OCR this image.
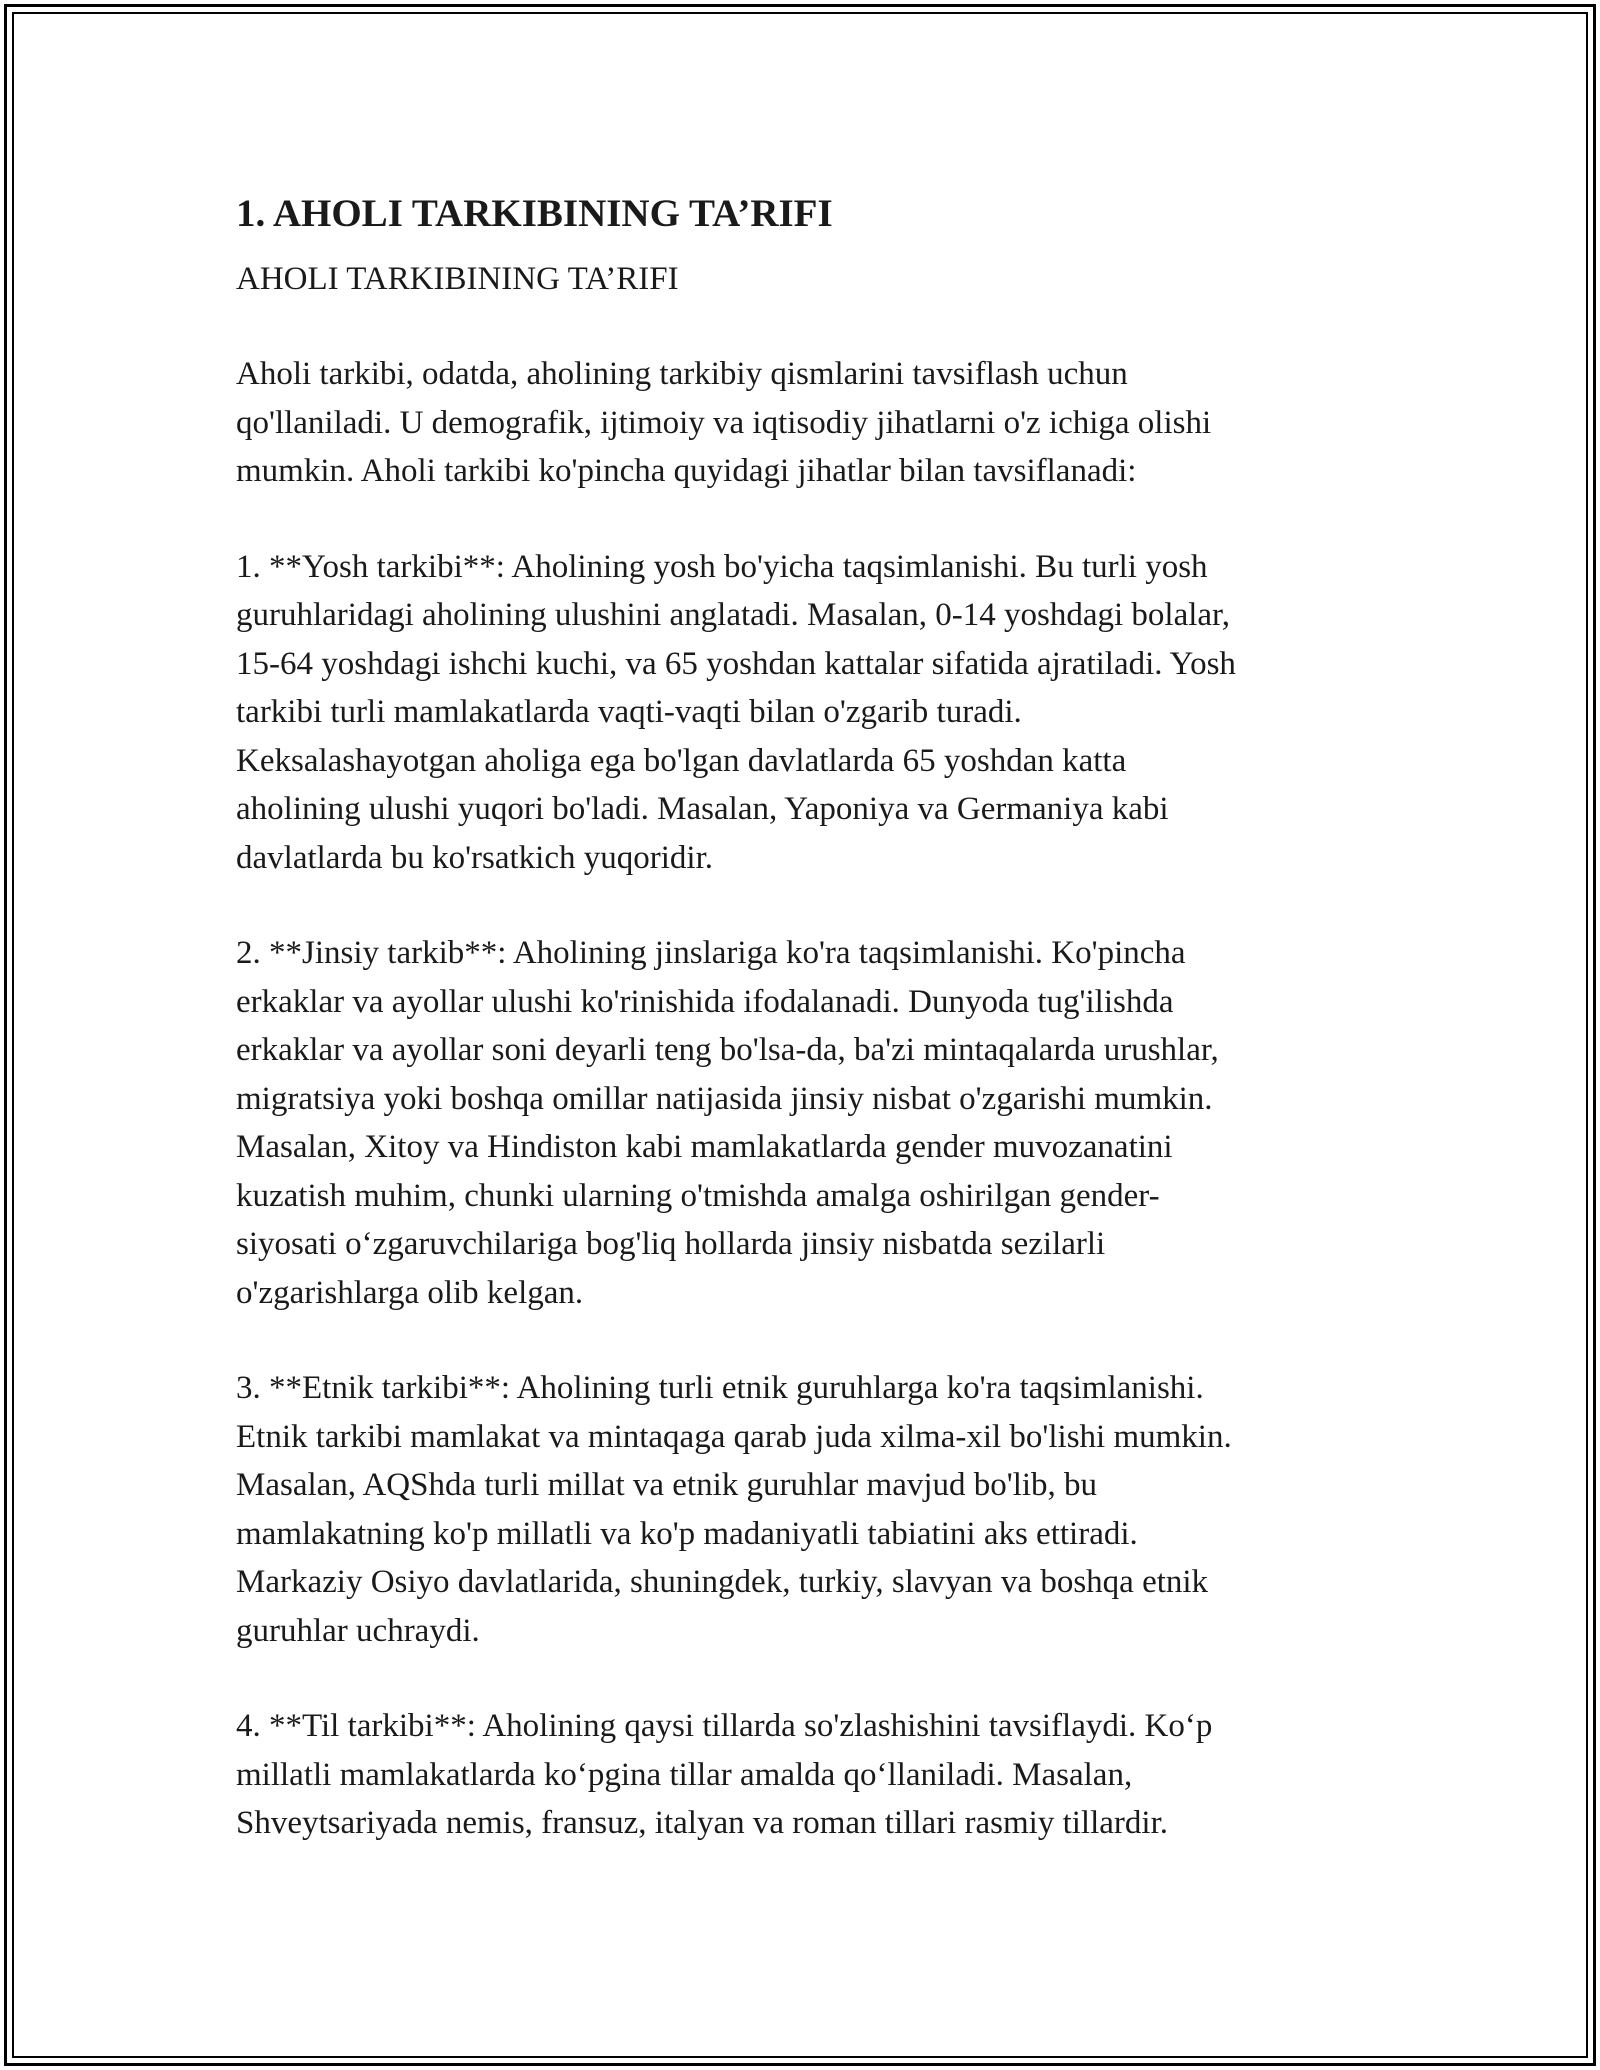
1. AHOLI TARKIBINING TA’RIFI
AHOLI TARKIBINING TA’RIFI

Aholi tarkibi, odatda, aholining tarkibiy qismlarini tavsiflash uchun
qo'llaniladi. U demografik, ijtimoiy va iqtisodiy jihatlarni o'z ichiga olishi
mumkin. Aholi tarkibi ko'pincha quyidagi jihatlar bilan tavsiflanadi:

1. **Yosh tarkibi**: Aholining yosh bo'yicha taqsimlanishi. Bu turli yosh
guruhlaridagi aholining ulushini anglatadi. Masalan, 0-14 yoshdagi bolalar,
15-64 yoshdagi ishchi kuchi, va 65 yoshdan kattalar sifatida ajratiladi. Yosh
tarkibi turli mamlakatlarda vaqti-vaqti bilan o'zgarib turadi.
Keksalashayotgan aholiga ega bo'lgan davlatlarda 65 yoshdan katta
aholining ulushi yuqori bo'ladi. Masalan, Yaponiya va Germaniya kabi
davlatlarda bu ko'rsatkich yuqoridir.

2. **Jinsiy tarkib**: Aholining jinslariga ko'ra taqsimlanishi. Ko'pincha
erkaklar va ayollar ulushi ko'rinishida ifodalanadi. Dunyoda tug'ilishda
erkaklar va ayollar soni deyarli teng bo'lsa-da, ba'zi mintaqalarda urushlar,
migratsiya yoki boshqa omillar natijasida jinsiy nisbat o'zgarishi mumkin.
Masalan, Xitoy va Hindiston kabi mamlakatlarda gender muvozanatini
kuzatish muhim, chunki ularning o'tmishda amalga oshirilgan gender-
siyosati o‘zgaruvchilariga bog'liq hollarda jinsiy nisbatda sezilarli
o'zgarishlarga olib kelgan.

3. **Etnik tarkibi**: Aholining turli etnik guruhlarga ko'ra taqsimlanishi.
Etnik tarkibi mamlakat va mintaqaga qarab juda xilma-xil bo'lishi mumkin.
Masalan, AQShda turli millat va etnik guruhlar mavjud bo'lib, bu
mamlakatning ko'p millatli va ko'p madaniyatli tabiatini aks ettiradi.
Markaziy Osiyo davlatlarida, shuningdek, turkiy, slavyan va boshqa etnik
guruhlar uchraydi.

4. **Til tarkibi**: Aholining qaysi tillarda so'zlashishini tavsiflaydi. Ko‘p
millatli mamlakatlarda ko‘pgina tillar amalda qo‘llaniladi. Masalan,
Shveytsariyada nemis, fransuz, italyan va roman tillari rasmiy tillardir.
